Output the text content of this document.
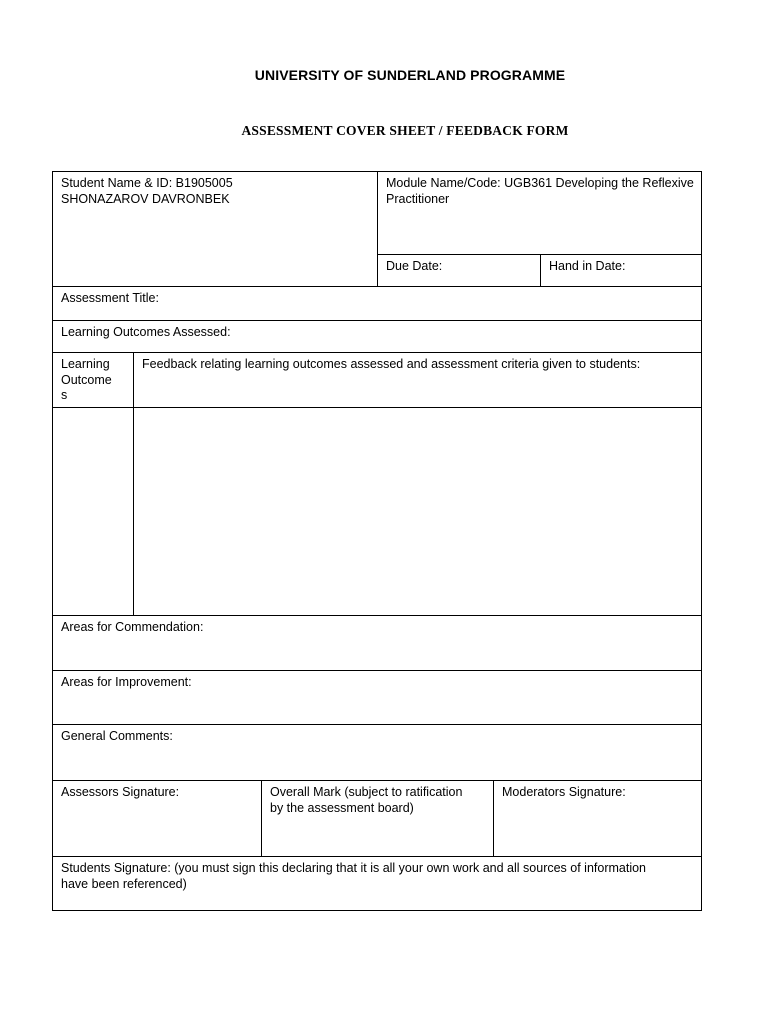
UNIVERSITY OF SUNDERLAND PROGRAMME
ASSESSMENT COVER SHEET / FEEDBACK FORM
Student Name & ID: B1905005
SHONAZAROV DAVRONBEK
Module Name/Code: UGB361 Developing the Reflexive Practitioner
Due Date:	Hand in Date:
Assessment Title:
Learning Outcomes Assessed:
Learning Outcomes
Feedback relating learning outcomes assessed and assessment criteria given to students:
Areas for Commendation:
Areas for Improvement:
General Comments:
Assessors Signature:	Overall Mark (subject to ratification by the assessment board)
Moderators Signature:
Students Signature: (you must sign this declaring that it is all your own work and all sources of information have been referenced)
